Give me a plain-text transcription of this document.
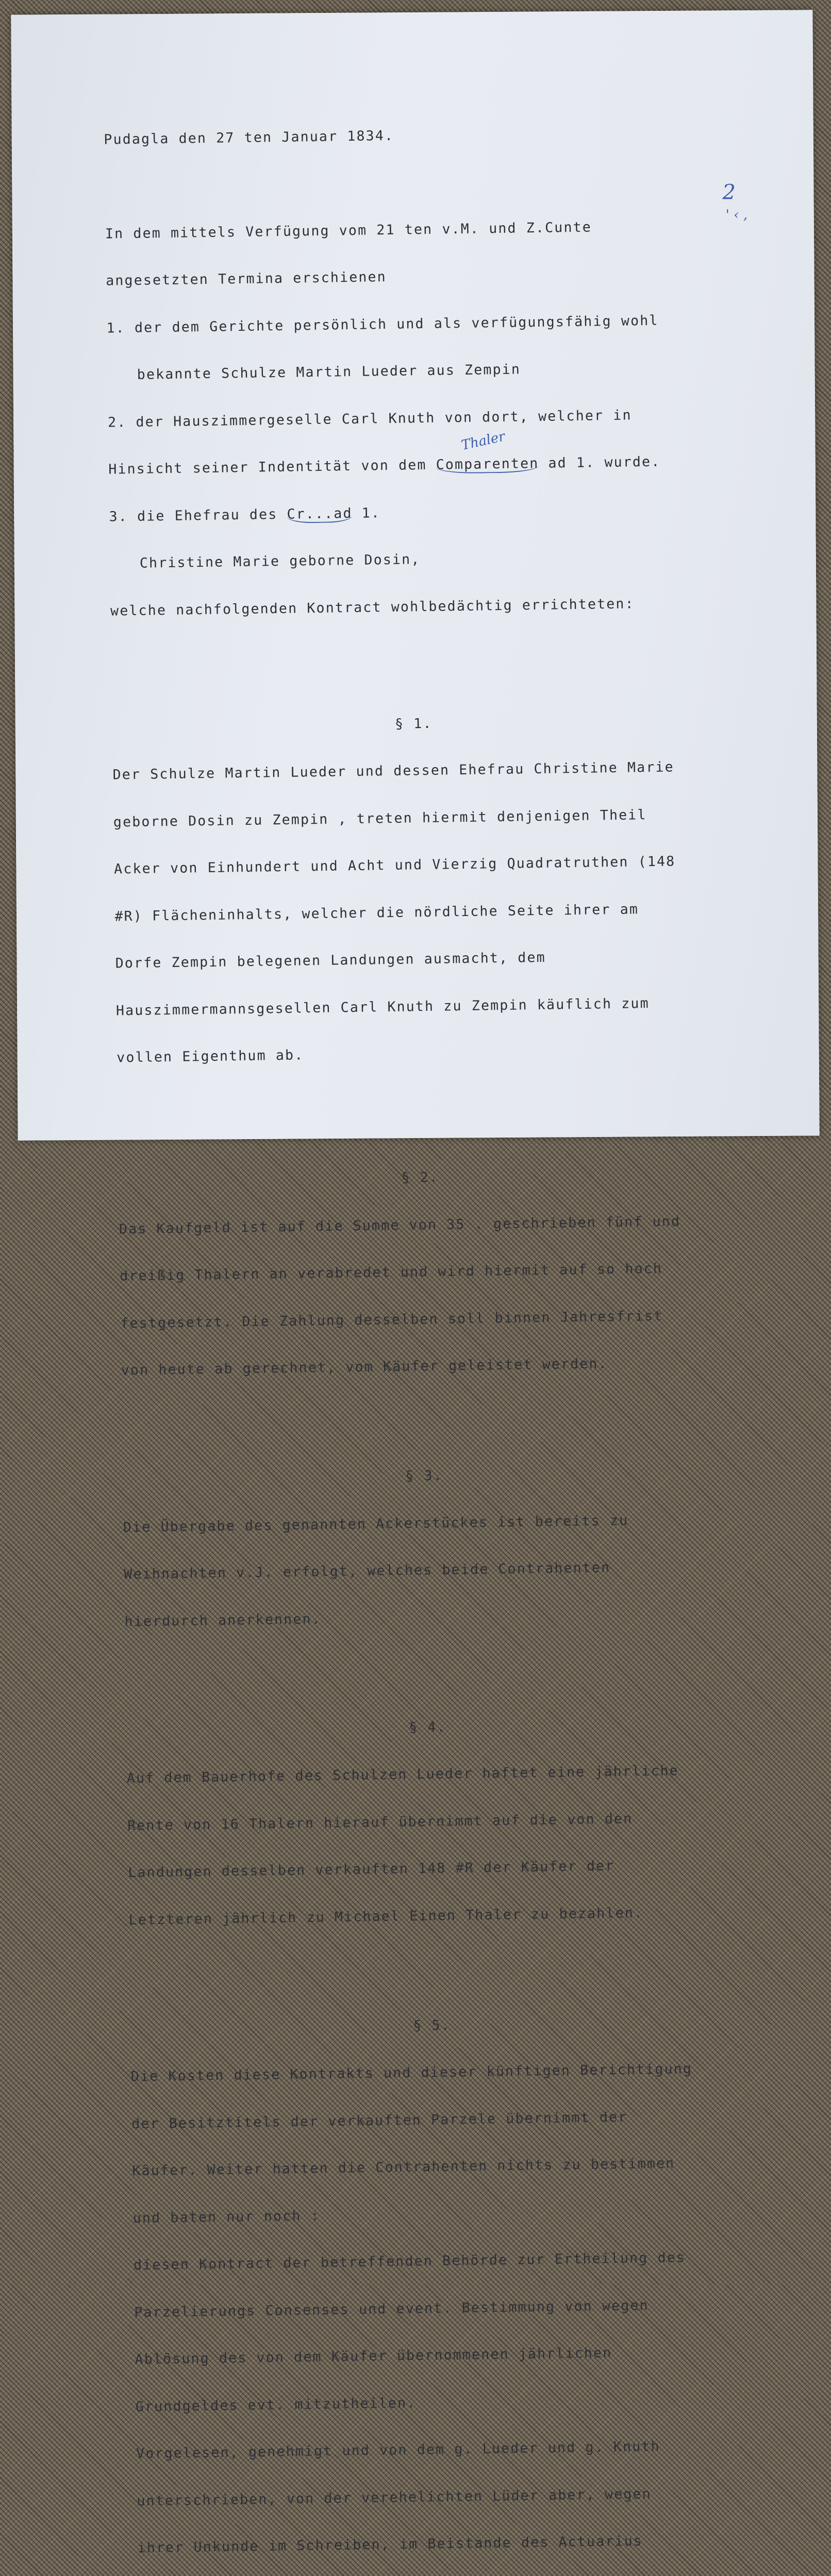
Pudagla den 27 ten Januar 1834.

In dem mittels Verfügung vom 21 ten v.M. und Z.Cunte

angesetzten Termina erschienen

1. der dem Gerichte persönlich und als verfügungsfähig wohl

bekannte Schulze Martin Lueder aus Zempin

2. der Hauszimmergeselle Carl Knuth von dort, welcher in

Hinsicht seiner Indentität von dem Comparenten ad 1. wurde.

3. die Ehefrau des Cr...ad 1.

Christine Marie geborne Dosin,

welche nachfolgenden Kontract wohlbedächtig errichteten:

§ 1.

Der Schulze Martin Lueder und dessen Ehefrau Christine Marie

geborne Dosin zu Zempin , treten hiermit denjenigen Theil

Acker von Einhundert und Acht und Vierzig Quadratruthen (148

#R) Flächeninhalts, welcher die nördliche Seite ihrer am

Dorfe Zempin belegenen Landungen ausmacht, dem

Hauszimmermannsgesellen Carl Knuth zu Zempin käuflich zum

vollen Eigenthum ab.

§ 2.

Das Kaufgeld ist auf die Summe von 35 . geschrieben fünf und

dreißig Thalern an verabredet und wird hiermit auf so hoch

festgesetzt. Die Zahlung desselben soll binnen Jahresfrist

von heute ab gerechnet, vom Käufer geleistet werden.

§ 3.

Die Übergabe des genannten Ackerstückes ist bereits zu

Weihnachten v.J. erfolgt, welches beide Contrahenten

hierdurch anerkennen.

§ 4.

Auf dem Bauerhofe des Schulzen Lueder haftet eine jährliche

Rente von 16 Thalern hierauf übernimmt auf die von den

Landungen desselben verkauften 148 #R der Käufer der

Letzteren jährlich zu Michael Einen Thaler zu bezahlen.

§ 5.

Die Kosten diese Kontrakts und dieser künftigen Berichtigung

der Besitztitels der verkauften Parzele übernimmt der

Käufer. Weiter hatten die Contrahenten nichts zu bestimmen

und baten nur noch :

diesen Kontract der betreffenden Behörde zur Ertheilung des

Parzelierungs Consenses und event. Bestimmung von wegen

Ablösung des von dem Käufer übernommenen jährlichen

Grundgeldes evt. mitzutheilen.

Vorgelesen, genehmigt und von dem g. Lueder und g. Knuth

unterschrieben, von der verehelichten Lüder aber, wegen

ihrer Unkunde im Schreiben, im Beistande des Actuarius

2
' ‹ ,
Thaler
